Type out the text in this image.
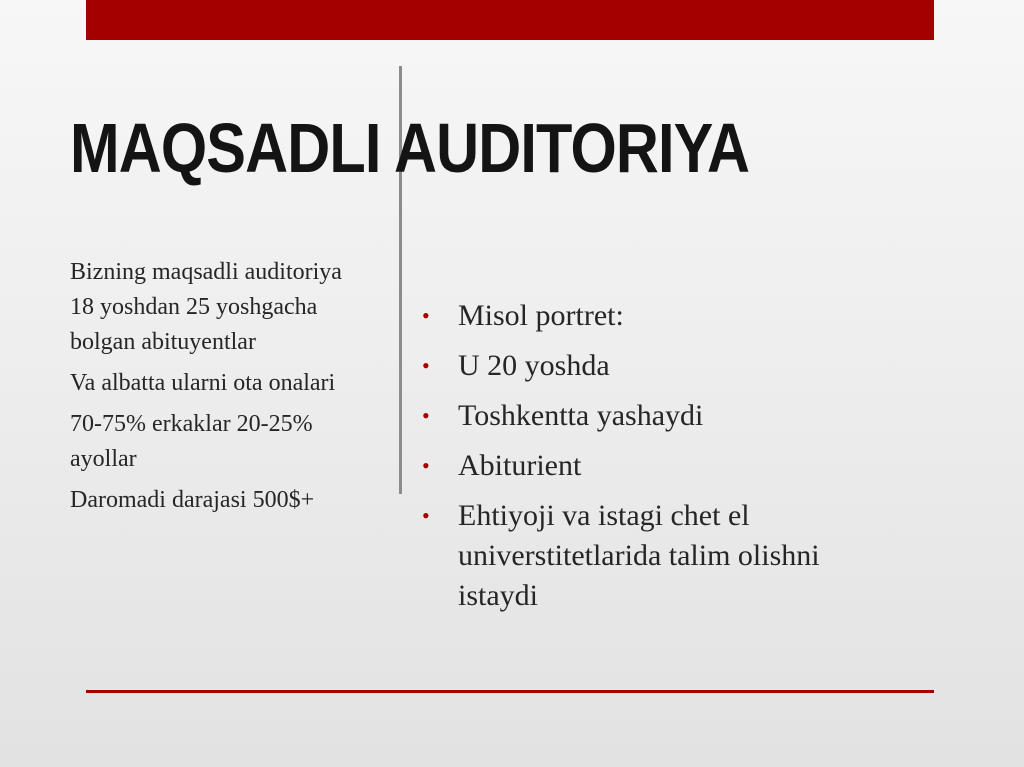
MAQSADLI AUDITORIYA

Bizning maqsadli auditoriya 18 yoshdan 25 yoshgacha bolgan abituyentlar

Va albatta ularni ota onalari

70-75% erkaklar 20-25% ayollar

Daromadi darajasi 500$+

• Misol portret:
• U 20 yoshda
• Toshkentta yashaydi
• Abiturient
• Ehtiyoji va istagi chet el universtitetlarida talim olishni istaydi
